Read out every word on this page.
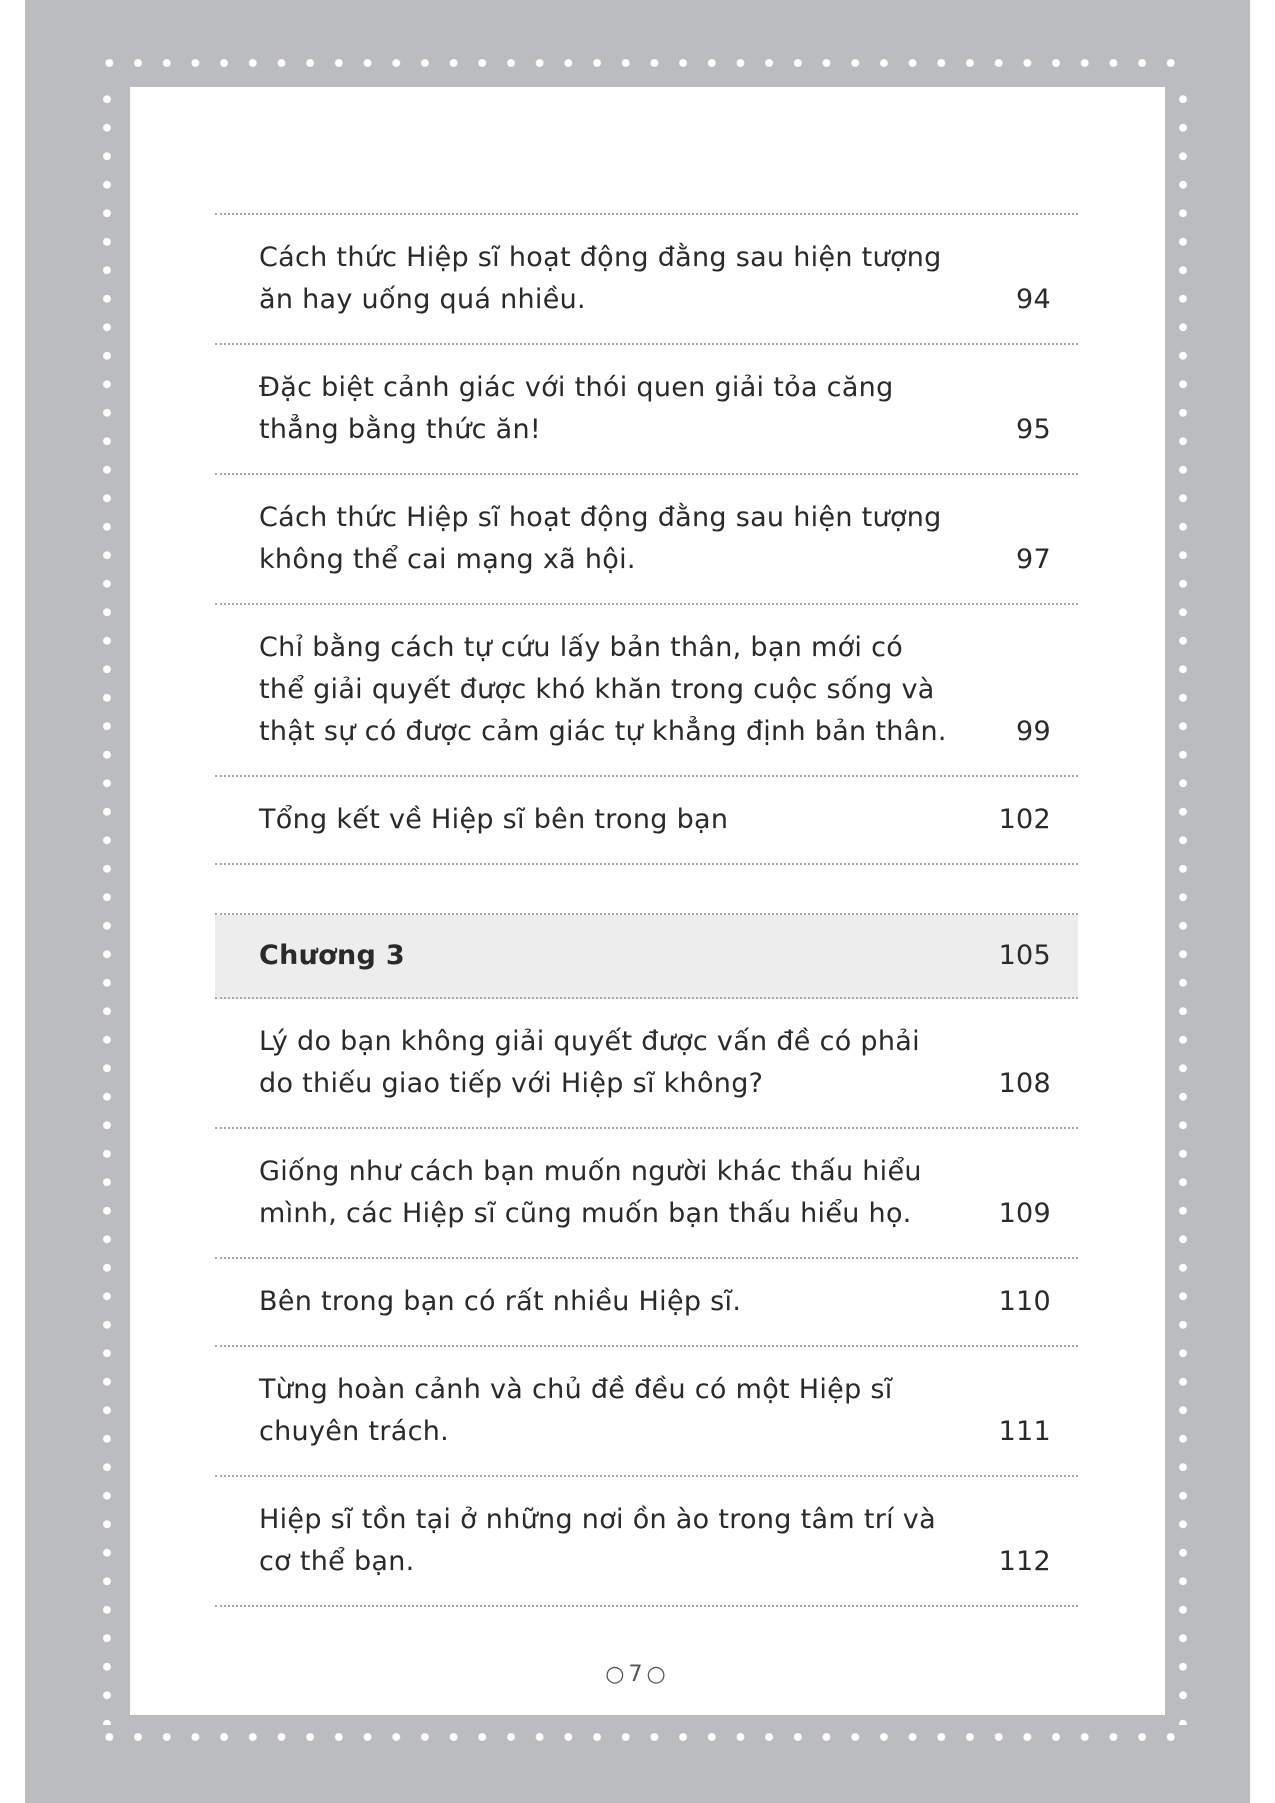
Cách thức Hiệp sĩ hoạt động đằng sau hiện tượng ăn hay uống quá nhiều.	94
Đặc biệt cảnh giác với thói quen giải tỏa căng thẳng bằng thức ăn!	95
Cách thức Hiệp sĩ hoạt động đằng sau hiện tượng không thể cai mạng xã hội.	97
Chỉ bằng cách tự cứu lấy bản thân, bạn mới có thể giải quyết được khó khăn trong cuộc sống và thật sự có được cảm giác tự khẳng định bản thân.	99
Tổng kết về Hiệp sĩ bên trong bạn	102
Chương 3	105
Lý do bạn không giải quyết được vấn đề có phải do thiếu giao tiếp với Hiệp sĩ không?	108
Giống như cách bạn muốn người khác thấu hiểu mình, các Hiệp sĩ cũng muốn bạn thấu hiểu họ.	109
Bên trong bạn có rất nhiều Hiệp sĩ.	110
Từng hoàn cảnh và chủ đề đều có một Hiệp sĩ chuyên trách.	111
Hiệp sĩ tồn tại ở những nơi ồn ào trong tâm trí và cơ thể bạn.	112
○7○
